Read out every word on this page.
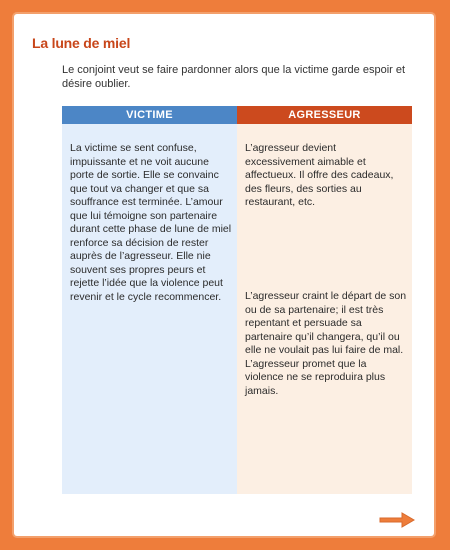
La lune de miel
Le conjoint veut se faire pardonner alors que la victime garde espoir et désire oublier.
VICTIME
La victime se sent confuse, impuissante et ne voit aucune porte de sortie. Elle se convainc que tout va changer et que sa souffrance est terminée. L’amour que lui témoigne son partenaire durant cette phase de lune de miel renforce sa décision de rester auprès de l’agresseur. Elle nie souvent ses propres peurs et rejette l’idée que la violence peut revenir et le cycle recommencer.
AGRESSEUR
L’agresseur devient excessivement aimable et affectueux. Il offre des cadeaux, des fleurs, des sorties au restaurant, etc.
L’agresseur craint le départ de son ou de sa partenaire; il est très repentant et persuade sa partenaire qu’il changera, qu’il ou elle ne voulait pas lui faire de mal. L’agresseur promet que la violence ne se reproduira plus jamais.
